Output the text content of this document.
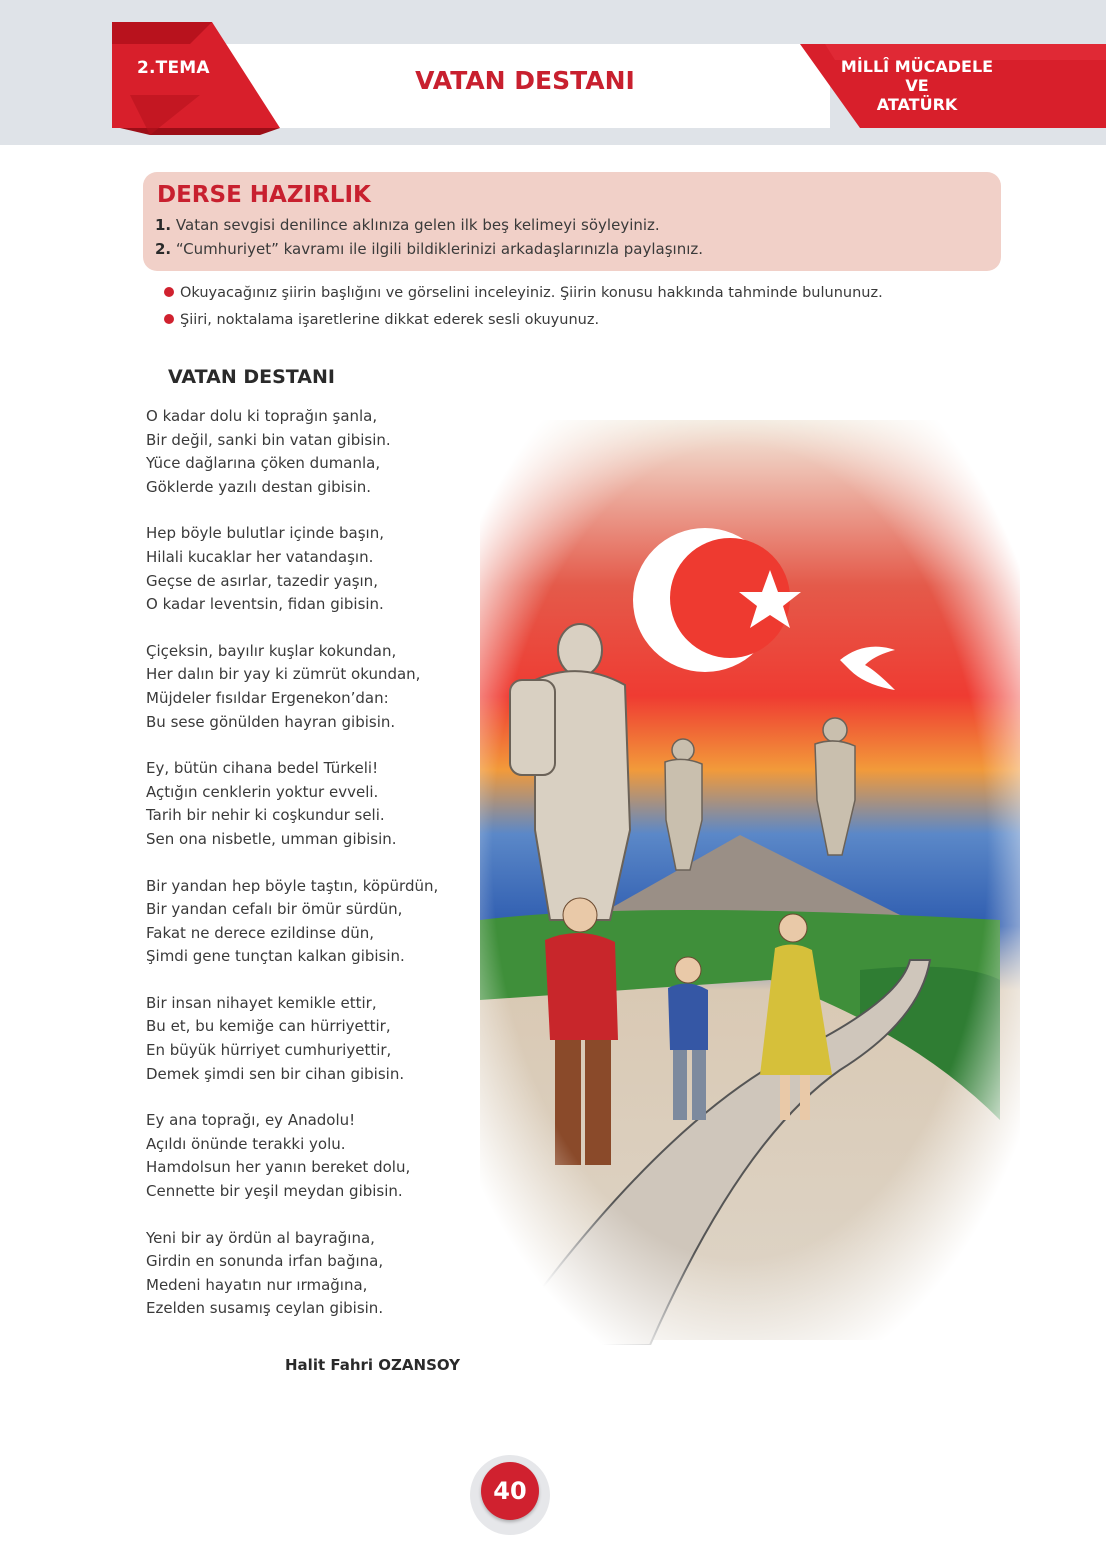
2.TEMA	VATAN DESTANI	MİLLÎ MÜCADELE
VE
ATATÜRK
DERSE HAZIRLIK
1. Vatan sevgisi denilince aklınıza gelen ilk beş kelimeyi söyleyiniz.
2. “Cumhuriyet” kavramı ile ilgili bildiklerinizi arkadaşlarınızla paylaşınız.
Okuyacağınız şiirin başlığını ve görselini inceleyiniz. Şiirin konusu hakkında tahminde bulununuz.
Şiiri, noktalama işaretlerine dikkat ederek sesli okuyunuz.
VATAN DESTANI
O kadar dolu ki toprağın şanla,
Bir değil, sanki bin vatan gibisin.
Yüce dağlarına çöken dumanla,
Göklerde yazılı destan gibisin.
Hep böyle bulutlar içinde başın,
Hilali kucaklar her vatandaşın.
Geçse de asırlar, tazedir yaşın,
O kadar leventsin, fidan gibisin.
Çiçeksin, bayılır kuşlar kokundan,
Her dalın bir yay ki zümrüt okundan,
Müjdeler fısıldar Ergenekon’dan:
Bu sese gönülden hayran gibisin.
Ey, bütün cihana bedel Türkeli!
Açtığın cenklerin yoktur evveli.
Tarih bir nehir ki coşkundur seli.
Sen ona nisbetle, umman gibisin.
Bir yandan hep böyle taştın, köpürdün,
Bir yandan cefalı bir ömür sürdün,
Fakat ne derece ezildinse dün,
Şimdi gene tunçtan kalkan gibisin.
Bir insan nihayet kemikle ettir,
Bu et, bu kemiğe can hürriyettir,
En büyük hürriyet cumhuriyettir,
Demek şimdi sen bir cihan gibisin.
Ey ana toprağı, ey Anadolu!
Açıldı önünde terakki yolu.
Hamdolsun her yanın bereket dolu,
Cennette bir yeşil meydan gibisin.
Yeni bir ay ördün al bayrağına,
Girdin en sonunda irfan bağına,
Medeni hayatın nur ırmağına,
Ezelden susamış ceylan gibisin.
Halit Fahri OZANSOY
40
